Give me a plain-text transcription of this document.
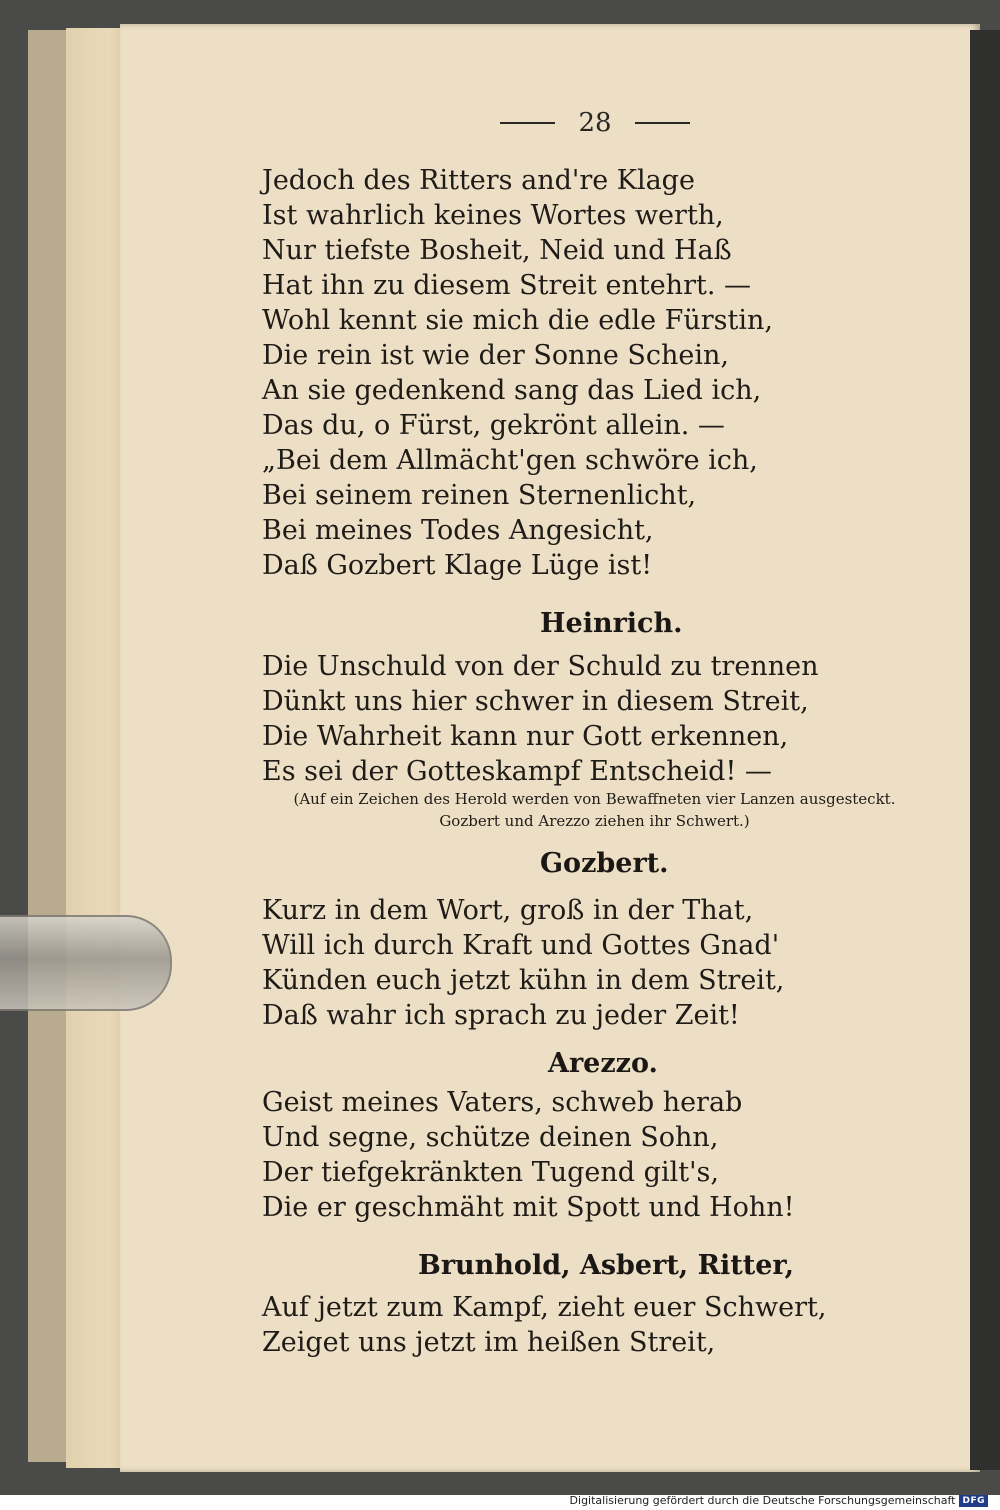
28
Jedoch des Ritters and're Klage
Ist wahrlich keines Wortes werth,
Nur tiefste Bosheit, Neid und Haß
Hat ihn zu diesem Streit entehrt. —
Wohl kennt sie mich die edle Fürstin,
Die rein ist wie der Sonne Schein,
An sie gedenkend sang das Lied ich,
Das du, o Fürst, gekrönt allein. —
„Bei dem Allmächt'gen schwöre ich,
Bei seinem reinen Sternenlicht,
Bei meines Todes Angesicht,
Daß Gozbert Klage Lüge ist!
Heinrich.
Die Unschuld von der Schuld zu trennen
Dünkt uns hier schwer in diesem Streit,
Die Wahrheit kann nur Gott erkennen,
Es sei der Gotteskampf Entscheid! —
(Auf ein Zeichen des Herold werden von Bewaffneten vier Lanzen ausgesteckt.
Gozbert und Arezzo ziehen ihr Schwert.)
Gozbert.
Kurz in dem Wort, groß in der That,
Will ich durch Kraft und Gottes Gnad'
Künden euch jetzt kühn in dem Streit,
Daß wahr ich sprach zu jeder Zeit!
Arezzo.
Geist meines Vaters, schweb herab
Und segne, schütze deinen Sohn,
Der tiefgekränkten Tugend gilt's,
Die er geschmäht mit Spott und Hohn!
Brunhold, Asbert, Ritter,
Auf jetzt zum Kampf, zieht euer Schwert,
Zeiget uns jetzt im heißen Streit,
Digitalisierung gefördert durch die Deutsche Forschungsgemeinschaft DFG
